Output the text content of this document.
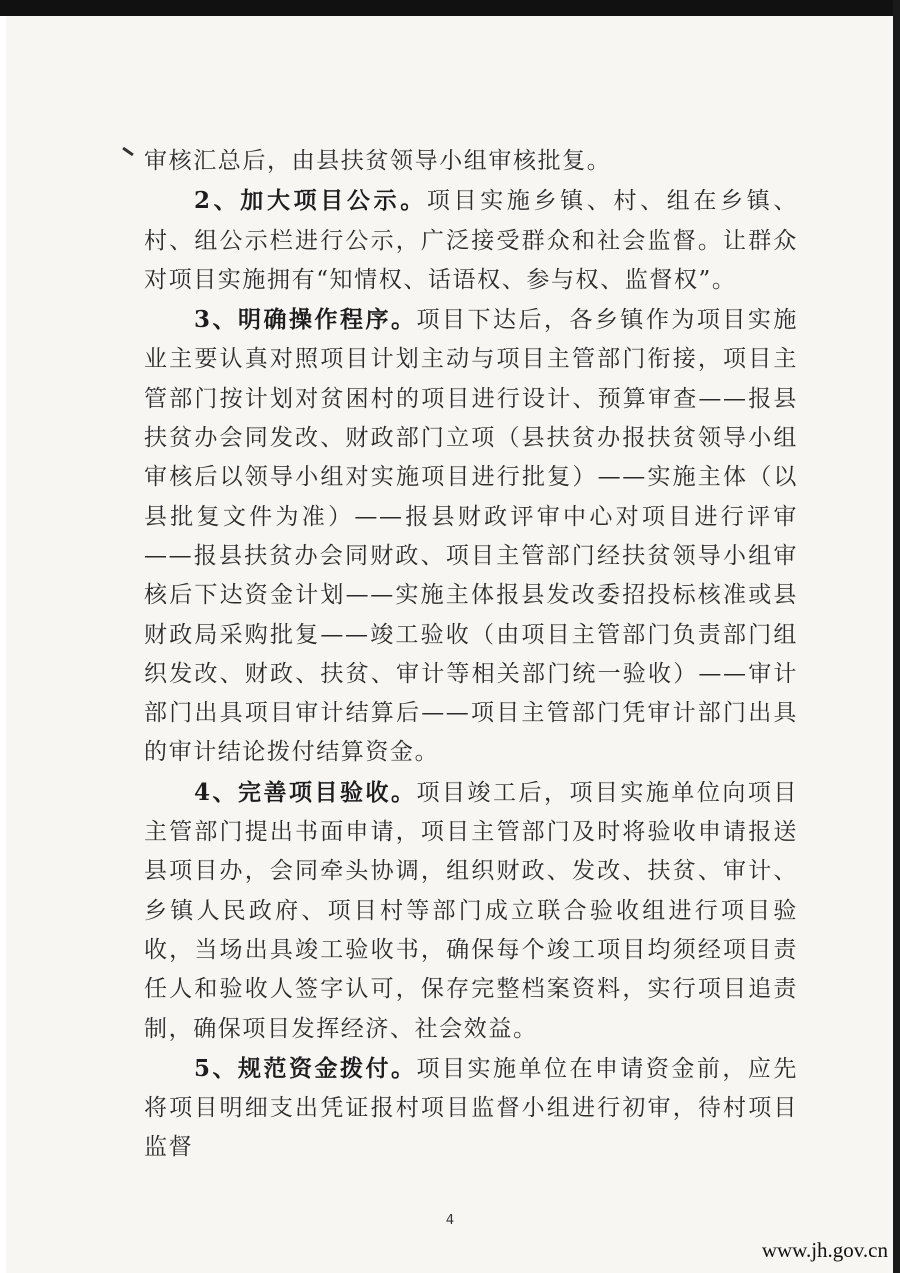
审核汇总后，由县扶贫领导小组审核批复。

2、加大项目公示。项目实施乡镇、村、组在乡镇、村、组公示栏进行公示，广泛接受群众和社会监督。让群众对项目实施拥有“知情权、话语权、参与权、监督权”。

3、明确操作程序。项目下达后，各乡镇作为项目实施业主要认真对照项目计划主动与项目主管部门衔接，项目主管部门按计划对贫困村的项目进行设计、预算审查——报县扶贫办会同发改、财政部门立项（县扶贫办报扶贫领导小组审核后以领导小组对实施项目进行批复）——实施主体（以县批复文件为准）——报县财政评审中心对项目进行评审——报县扶贫办会同财政、项目主管部门经扶贫领导小组审核后下达资金计划——实施主体报县发改委招投标核准或县财政局采购批复——竣工验收（由项目主管部门负责部门组织发改、财政、扶贫、审计等相关部门统一验收）——审计部门出具项目审计结算后——项目主管部门凭审计部门出具的审计结论拨付结算资金。

4、完善项目验收。项目竣工后，项目实施单位向项目主管部门提出书面申请，项目主管部门及时将验收申请报送县项目办，会同牵头协调，组织财政、发改、扶贫、审计、乡镇人民政府、项目村等部门成立联合验收组进行项目验收，当场出具竣工验收书，确保每个竣工项目均须经项目责任人和验收人签字认可，保存完整档案资料，实行项目追责制，确保项目发挥经济、社会效益。

5、规范资金拨付。项目实施单位在申请资金前，应先将项目明细支出凭证报村项目监督小组进行初审，待村项目监督

4
www.jh.gov.cn
